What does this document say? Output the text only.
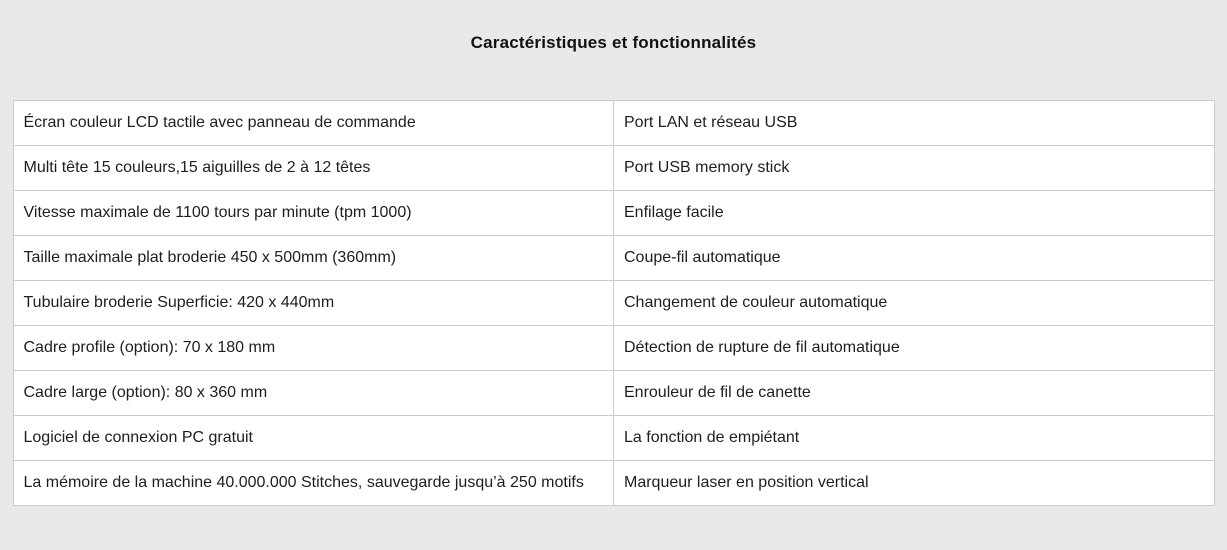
Caractéristiques et fonctionnalités
Écran couleur LCD tactile avec panneau de commande	Port LAN et réseau USB
Multi tête 15 couleurs,15 aiguilles de 2 à 12 têtes	Port USB memory stick
Vitesse maximale de 1100 tours par minute (tpm 1000)	Enfilage facile
Taille maximale plat broderie 450 x 500mm (360mm)	Coupe-fil automatique
Tubulaire broderie Superficie: 420 x 440mm	Changement de couleur automatique
Cadre profile (option): 70 x 180 mm	Détection de rupture de fil automatique
Cadre large (option): 80 x 360 mm	Enrouleur de fil de canette
Logiciel de connexion PC gratuit	La fonction de empiétant
La mémoire de la machine 40.000.000 Stitches, sauvegarde jusqu’à 250 motifs	Marqueur laser en position vertical
